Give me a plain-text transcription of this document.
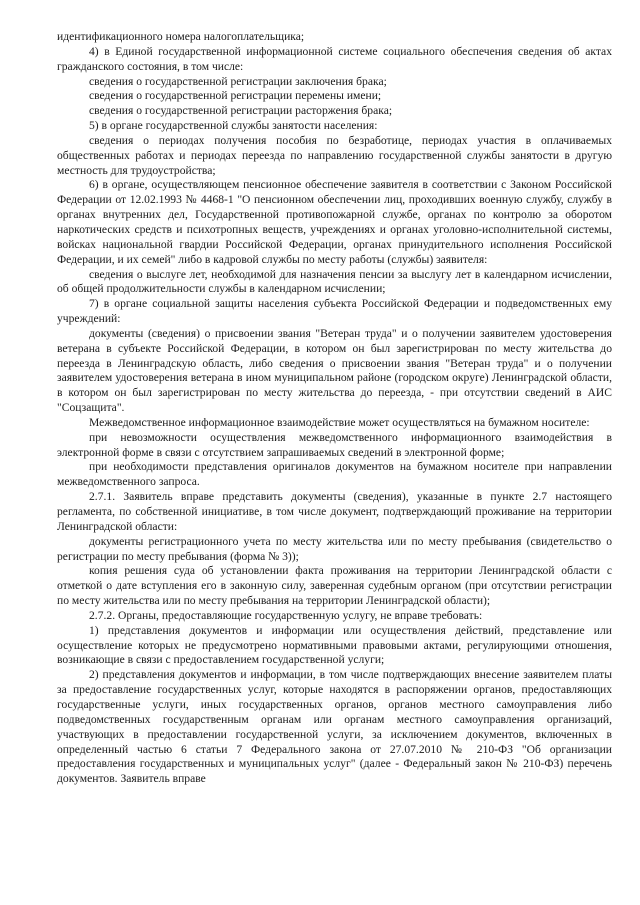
идентификационного номера налогоплательщика;

4) в Единой государственной информационной системе социального обеспечения сведения об актах гражданского состояния, в том числе:

сведения о государственной регистрации заключения брака;

сведения о государственной регистрации перемены имени;

сведения о государственной регистрации расторжения брака;

5) в органе государственной службы занятости населения:

сведения о периодах получения пособия по безработице, периодах участия в оплачиваемых общественных работах и периодах переезда по направлению государственной службы занятости в другую местность для трудоустройства;

6) в органе, осуществляющем пенсионное обеспечение заявителя в соответствии с Законом Российской Федерации от 12.02.1993 № 4468-1 "О пенсионном обеспечении лиц, проходивших военную службу, службу в органах внутренних дел, Государственной противопожарной службе, органах по контролю за оборотом наркотических средств и психотропных веществ, учреждениях и органах уголовно-исполнительной системы, войсках национальной гвардии Российской Федерации, органах принудительного исполнения Российской Федерации, и их семей" либо в кадровой службы по месту работы (службы) заявителя:

сведения о выслуге лет, необходимой для назначения пенсии за выслугу лет в календарном исчислении, об общей продолжительности службы в календарном исчислении;

7) в органе социальной защиты населения субъекта Российской Федерации и подведомственных ему учреждений:

документы (сведения) о присвоении звания "Ветеран труда" и о получении заявителем удостоверения ветерана в субъекте Российской Федерации, в котором он был зарегистрирован по месту жительства до переезда в Ленинградскую область, либо сведения о присвоении звания "Ветеран труда" и о получении заявителем удостоверения ветерана в ином муниципальном районе (городском округе) Ленинградской области, в котором он был зарегистрирован по месту жительства до переезда, - при отсутствии сведений в АИС "Соцзащита".

Межведомственное информационное взаимодействие может осуществляться на бумажном носителе:

при невозможности осуществления межведомственного информационного взаимодействия в электронной форме в связи с отсутствием запрашиваемых сведений в электронной форме;

при необходимости представления оригиналов документов на бумажном носителе при направлении межведомственного запроса.

2.7.1. Заявитель вправе представить документы (сведения), указанные в пункте 2.7 настоящего регламента, по собственной инициативе, в том числе документ, подтверждающий проживание на территории Ленинградской области:

документы регистрационного учета по месту жительства или по месту пребывания (свидетельство о регистрации по месту пребывания (форма № 3));

копия решения суда об установлении факта проживания на территории Ленинградской области с отметкой о дате вступления его в законную силу, заверенная судебным органом (при отсутствии регистрации по месту жительства или по месту пребывания на территории Ленинградской области);

2.7.2. Органы, предоставляющие государственную услугу, не вправе требовать:

1) представления документов и информации или осуществления действий, представление или осуществление которых не предусмотрено нормативными правовыми актами, регулирующими отношения, возникающие в связи с предоставлением государственной услуги;

2) представления документов и информации, в том числе подтверждающих внесение заявителем платы за предоставление государственных услуг, которые находятся в распоряжении органов, предоставляющих государственные услуги, иных государственных органов, органов местного самоуправления либо подведомственных государственным органам или органам местного самоуправления организаций, участвующих в предоставлении государственной услуги, за исключением документов, включенных в определенный частью 6 статьи 7 Федерального закона от 27.07.2010 № 210-ФЗ "Об организации предоставления государственных и муниципальных услуг" (далее - Федеральный закон № 210-ФЗ) перечень документов. Заявитель вправе
